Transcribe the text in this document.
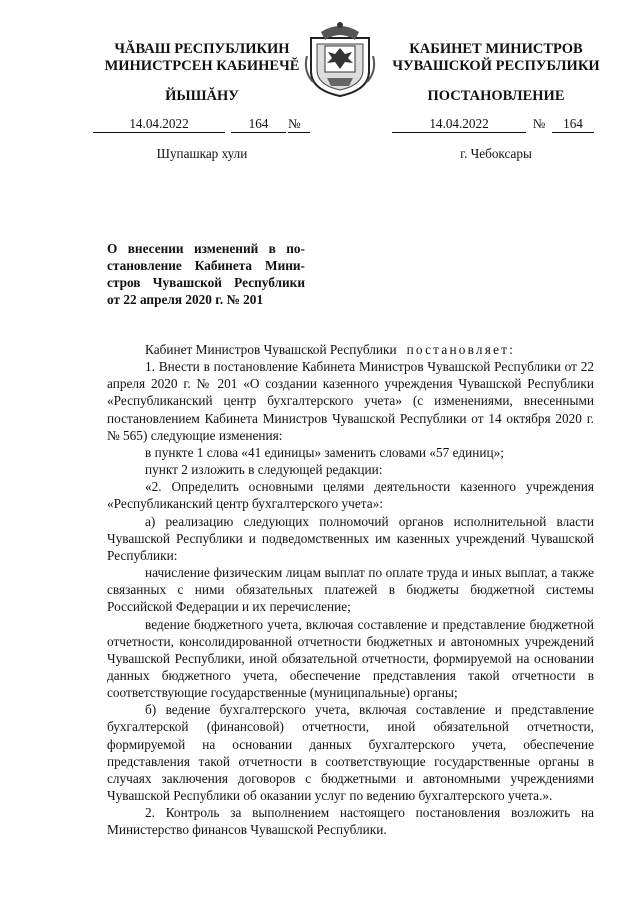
ЧĂВАШ РЕСПУБЛИКИН
МИНИСТРСЕН КАБИНЕЧĔ
КАБИНЕТ МИНИСТРОВ
ЧУВАШСКОЙ РЕСПУБЛИКИ
ЙЫШĂНУ	ПОСТАНОВЛЕНИЕ
14.04.2022	164	№	14.04.2022	№	164
Шупашкар хули	г. Чебоксары
О внесении изменений в по-
становление Кабинета Мини-
стров Чувашской Республики
от 22 апреля 2020 г. № 201

Кабинет Министров Чувашской Республики постановляет:

1. Внести в постановление Кабинета Министров Чувашской Республики от 22 апреля 2020 г. № 201 «О создании казенного учреждения Чувашской Республики «Республиканский центр бухгалтерского учета» (с изменениями, внесенными постановлением Кабинета Министров Чувашской Республики от 14 октября 2020 г. № 565) следующие изменения:

в пункте 1 слова «41 единицы» заменить словами «57 единиц»;

пункт 2 изложить в следующей редакции:

«2. Определить основными целями деятельности казенного учреждения «Республиканский центр бухгалтерского учета»:

а) реализацию следующих полномочий органов исполнительной власти Чувашской Республики и подведомственных им казенных учреждений Чувашской Республики:

начисление физическим лицам выплат по оплате труда и иных выплат, а также связанных с ними обязательных платежей в бюджеты бюджетной системы Российской Федерации и их перечисление;

ведение бюджетного учета, включая составление и представление бюджетной отчетности, консолидированной отчетности бюджетных и автономных учреждений Чувашской Республики, иной обязательной отчетности, формируемой на основании данных бюджетного учета, обеспечение представления такой отчетности в соответствующие государственные (муниципальные) органы;

б) ведение бухгалтерского учета, включая составление и представление бухгалтерской (финансовой) отчетности, иной обязательной отчетности, формируемой на основании данных бухгалтерского учета, обеспечение представления такой отчетности в соответствующие государственные органы в случаях заключения договоров с бюджетными и автономными учреждениями Чувашской Республики об оказании услуг по ведению бухгалтерского учета.».

2. Контроль за выполнением настоящего постановления возложить на Министерство финансов Чувашской Республики.
